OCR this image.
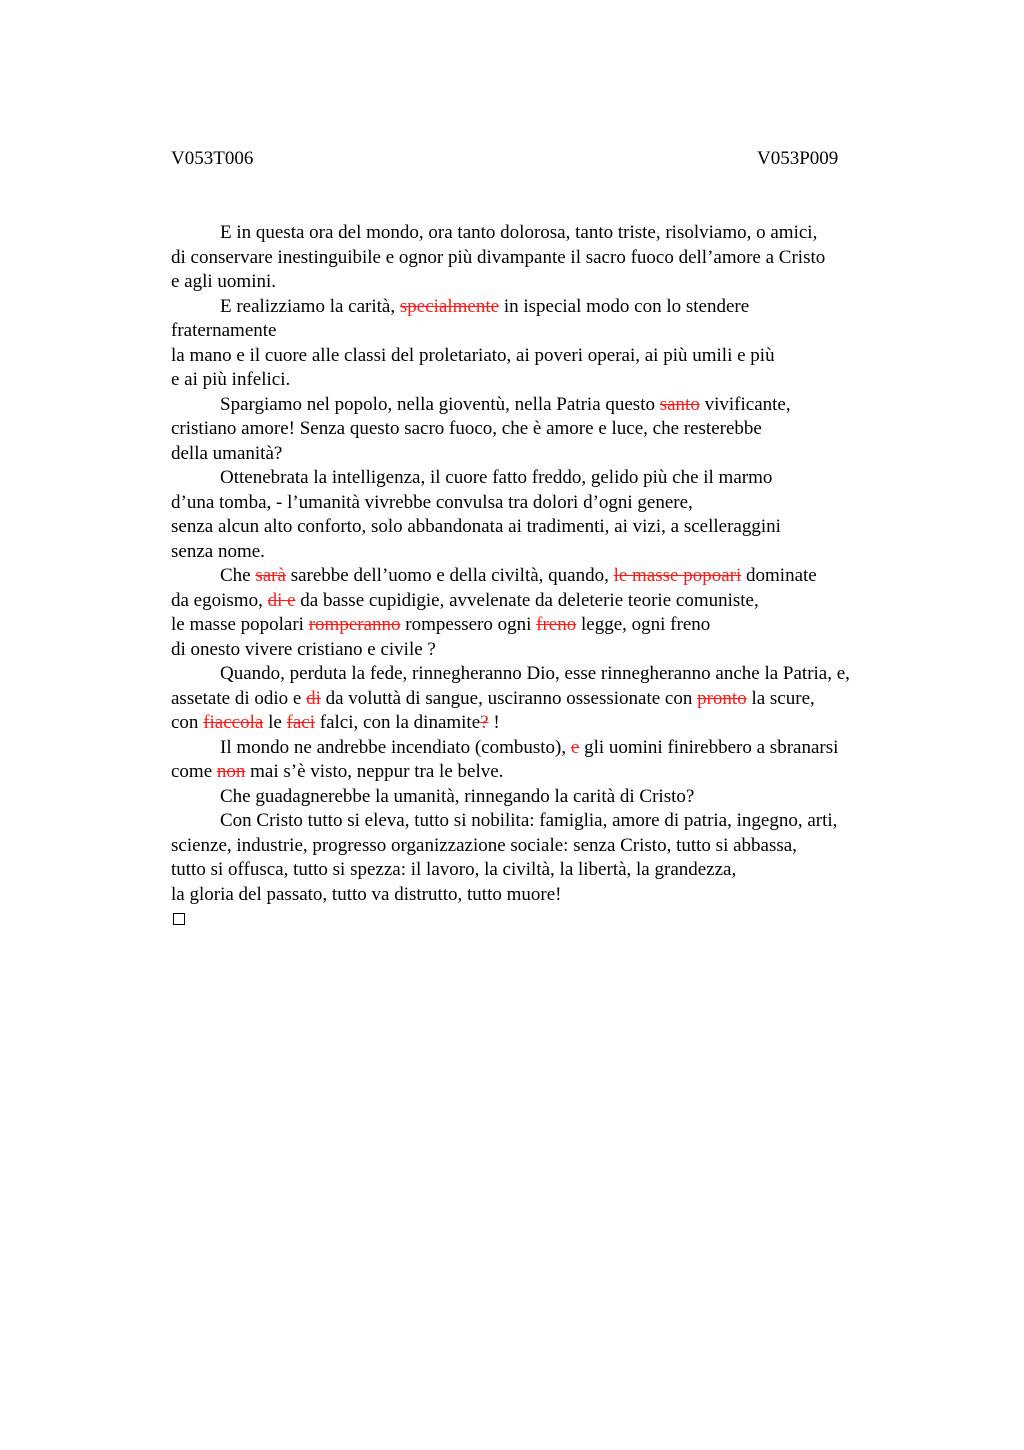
V053T006	V053P009
E in questa ora del mondo, ora tanto dolorosa, tanto triste, risolviamo, o amici,
di conservare inestinguibile e ognor più divampante il sacro fuoco dell’amore a Cristo
e agli uomini.
E realizziamo la carità, specialmente in ispecial modo con lo stendere
fraternamente
la mano e il cuore alle classi del proletariato, ai poveri operai, ai più umili e più
e ai più infelici.
Spargiamo nel popolo, nella gioventù, nella Patria questo santo vivificante,
cristiano amore! Senza questo sacro fuoco, che è amore e luce, che resterebbe
della umanità?
Ottenebrata la intelligenza, il cuore fatto freddo, gelido più che il marmo
d’una tomba, - l’umanità vivrebbe convulsa tra dolori d’ogni genere,
senza alcun alto conforto, solo abbandonata ai tradimenti, ai vizi, a scelleraggini
senza nome.
Che sarà sarebbe dell’uomo e della civiltà, quando, le masse popoari dominate
da egoismo, di e da basse cupidigie, avvelenate da deleterie teorie comuniste,
le masse popolari romperanno rompessero ogni freno legge, ogni freno
di onesto vivere cristiano e civile ?
Quando, perduta la fede, rinnegheranno Dio, esse rinnegheranno anche la Patria, e,
assetate di odio e di da voluttà di sangue, usciranno ossessionate con pronto la scure,
con fiaccola le faci falci, con la dinamite? !
Il mondo ne andrebbe incendiato (combusto), e gli uomini finirebbero a sbranarsi
come non mai s’è visto, neppur tra le belve.
Che guadagnerebbe la umanità, rinnegando la carità di Cristo?
Con Cristo tutto si eleva, tutto si nobilita: famiglia, amore di patria, ingegno, arti,
scienze, industrie, progresso organizzazione sociale: senza Cristo, tutto si abbassa,
tutto si offusca, tutto si spezza: il lavoro, la civiltà, la libertà, la grandezza,
la gloria del passato, tutto va distrutto, tutto muore!
